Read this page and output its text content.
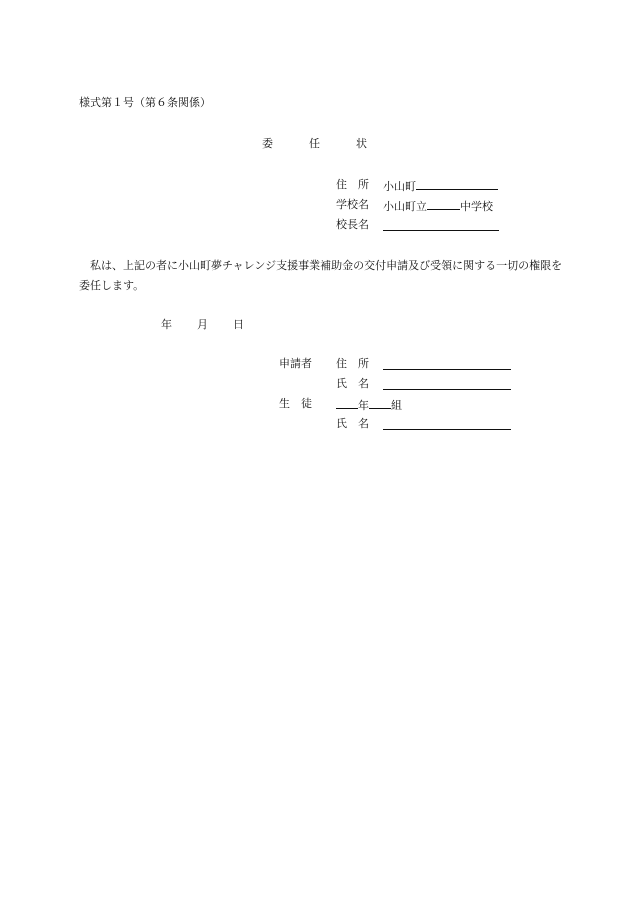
様式第１号（第６条関係）
委	任	状
住　所 小山町
学校名 小山町立	中学校
校長名
　私は、上記の者に小山町夢チャレンジ支援事業補助金の交付申請及び受領に関する一切の権限を委任します。
年 月 日
申請者 住　所
氏　名
生　徒	年 組
氏　名
